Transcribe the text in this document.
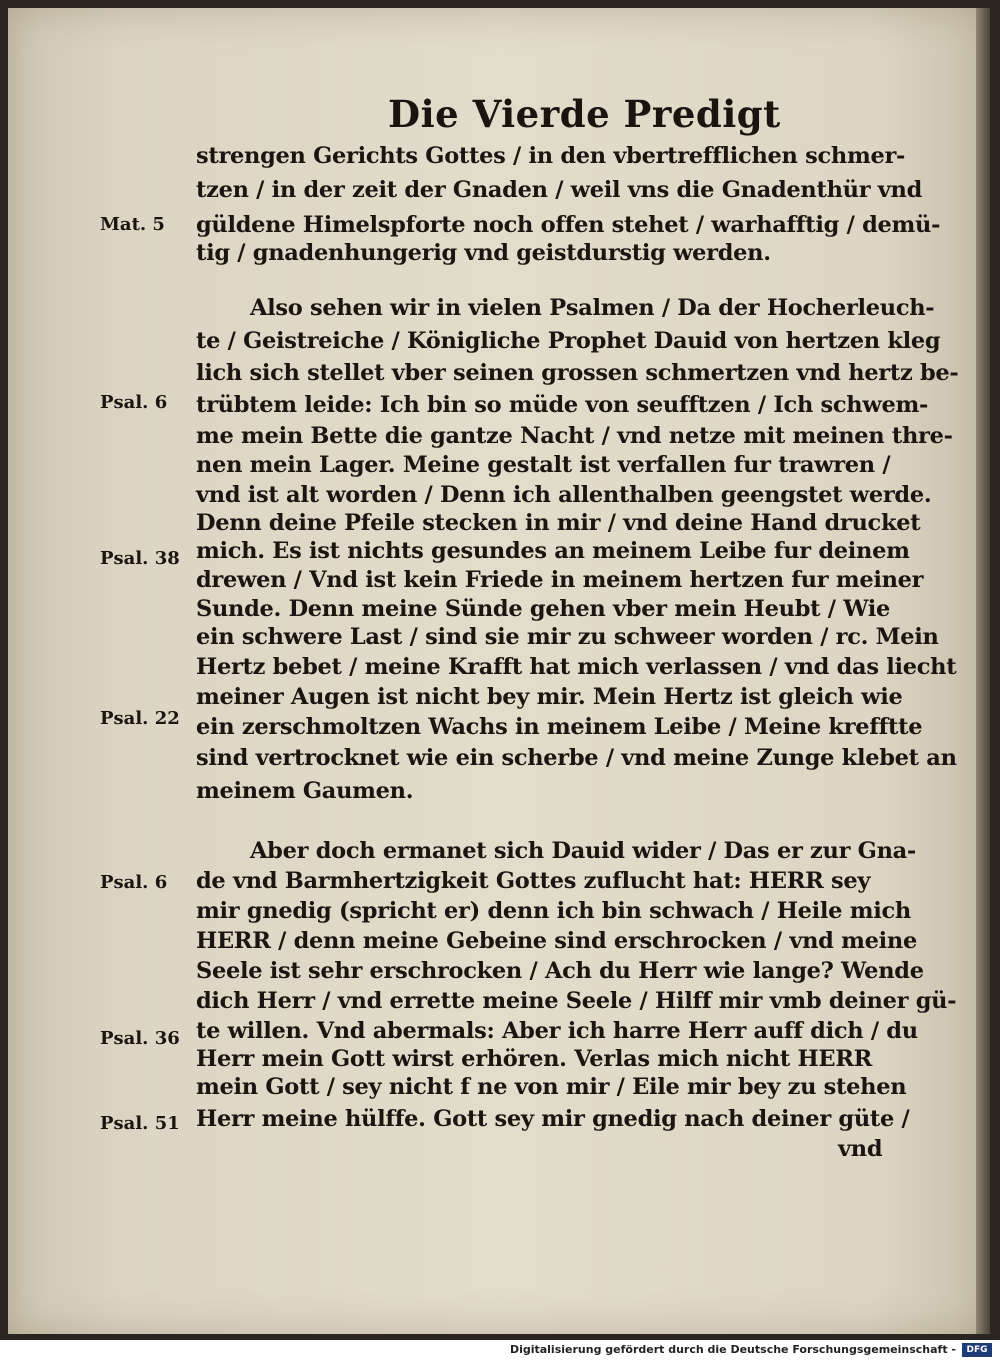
Die Vierde Predigt
strengen Gerichts Gottes / in den vbertrefflichen schmer-
tzen / in der zeit der Gnaden / weil vns die Gnadenthür vnd
güldene Himelspforte noch offen stehet / warhafftig / demü-
tig / gnadenhungerig vnd geistdurstig werden.
Also sehen wir in vielen Psalmen / Da der Hocherleuch-
te / Geistreiche / Königliche Prophet Dauid von hertzen kleg
lich sich stellet vber seinen grossen schmertzen vnd hertz be-
trübtem leide: Ich bin so müde von seufftzen / Ich schwem-
me mein Bette die gantze Nacht / vnd netze mit meinen thre-
nen mein Lager. Meine gestalt ist verfallen fur trawren /
vnd ist alt worden / Denn ich allenthalben geengstet werde.
Denn deine Pfeile stecken in mir / vnd deine Hand drucket
mich. Es ist nichts gesundes an meinem Leibe fur deinem
drewen / Vnd ist kein Friede in meinem hertzen fur meiner
Sunde. Denn meine Sünde gehen vber mein Heubt / Wie
ein schwere Last / sind sie mir zu schweer worden / rc. Mein
Hertz bebet / meine Krafft hat mich verlassen / vnd das liecht
meiner Augen ist nicht bey mir. Mein Hertz ist gleich wie
ein zerschmoltzen Wachs in meinem Leibe / Meine krefftte
sind vertrocknet wie ein scherbe / vnd meine Zunge klebet an
meinem Gaumen.
Aber doch ermanet sich Dauid wider / Das er zur Gna-
de vnd Barmhertzigkeit Gottes zuflucht hat: HERR sey
mir gnedig (spricht er) denn ich bin schwach / Heile mich
HERR / denn meine Gebeine sind erschrocken / vnd meine
Seele ist sehr erschrocken / Ach du Herr wie lange? Wende
dich Herr / vnd errette meine Seele / Hilff mir vmb deiner gü-
te willen. Vnd abermals: Aber ich harre Herr auff dich / du
Herr mein Gott wirst erhören. Verlas mich nicht HERR
mein Gott / sey nicht f ne von mir / Eile mir bey zu stehen
Herr meine hülffe. Gott sey mir gnedig nach deiner güte /
vnd
Mat. 5
Psal. 6
Psal. 38
Psal. 22
Psal. 6
Psal. 36
Psal. 51
Digitalisierung gefördert durch die Deutsche Forschungsgemeinschaft -	DFG
